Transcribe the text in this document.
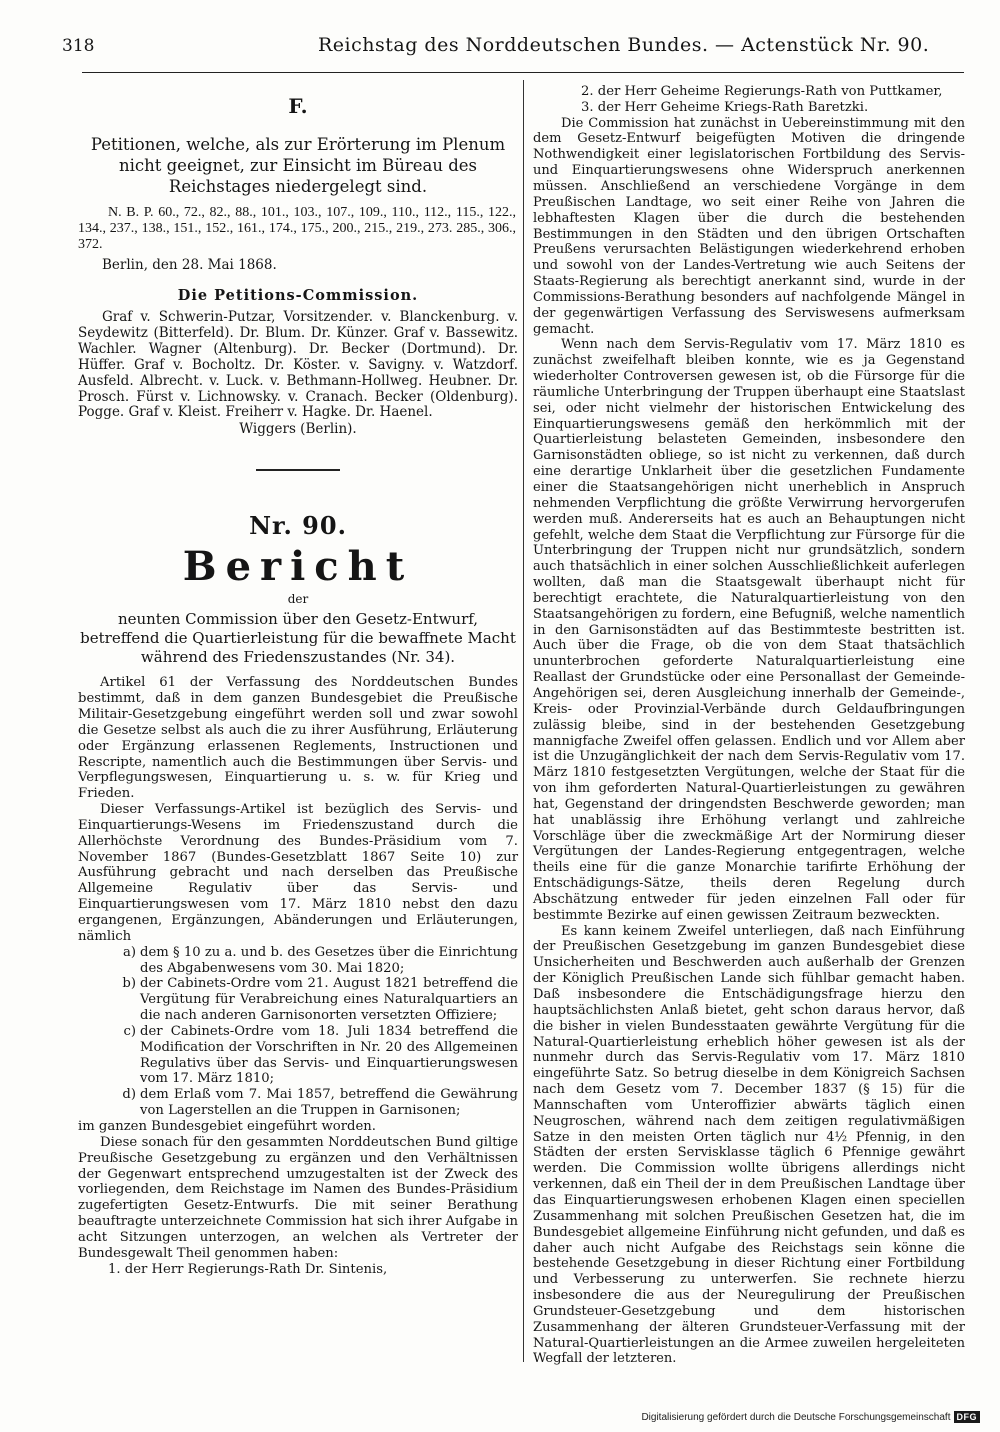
318	Reichstag des Norddeutschen Bundes. — Actenstück Nr. 90.
F.
Petitionen, welche, als zur Erörterung im Plenum nicht geeignet, zur Einsicht im Büreau des Reichstages niedergelegt sind.
N. B. P. 60., 72., 82., 88., 101., 103., 107., 109., 110., 112., 115., 122., 134., 237., 138., 151., 152., 161., 174., 175., 200., 215., 219., 273. 285., 306., 372.
Berlin, den 28. Mai 1868.
Die Petitions-Commission.
Graf v. Schwerin-Putzar, Vorsitzender. v. Blanckenburg. v. Seydewitz (Bitterfeld). Dr. Blum. Dr. Künzer. Graf v. Bassewitz. Wachler. Wagner (Altenburg). Dr. Becker (Dortmund). Dr. Hüffer. Graf v. Bocholtz. Dr. Köster. v. Savigny. v. Watzdorf. Ausfeld. Albrecht. v. Luck. v. Bethmann-Hollweg. Heubner. Dr. Prosch. Fürst v. Lichnowsky. v. Cranach. Becker (Oldenburg). Pogge. Graf v. Kleist. Freiherr v. Hagke. Dr. Haenel.
Wiggers (Berlin).
Nr. 90.
Bericht
der
neunten Commission über den Gesetz-Entwurf, betreffend die Quartierleistung für die bewaffnete Macht während des Friedenszustandes (Nr. 34).

Artikel 61 der Verfassung des Norddeutschen Bundes bestimmt, daß in dem ganzen Bundesgebiet die Preußische Militair-Gesetzgebung eingeführt werden soll und zwar sowohl die Gesetze selbst als auch die zu ihrer Ausführung, Erläuterung oder Ergänzung erlassenen Reglements, Instructionen und Rescripte, namentlich auch die Bestimmungen über Servis- und Verpflegungswesen, Einquartierung u. s. w. für Krieg und Frieden.

Dieser Verfassungs-Artikel ist bezüglich des Servis- und Einquartierungs-Wesens im Friedenszustand durch die Allerhöchste Verordnung des Bundes-Präsidium vom 7. November 1867 (Bundes-Gesetzblatt 1867 Seite 10) zur Ausführung gebracht und nach derselben das Preußische Allgemeine Regulativ über das Servis- und Einquartierungswesen vom 17. März 1810 nebst den dazu ergangenen, Ergänzungen, Abänderungen und Erläuterungen, nämlich

a) dem § 10 zu a. und b. des Gesetzes über die Einrichtung des Abgabenwesens vom 30. Mai 1820;
b) der Cabinets-Ordre vom 21. August 1821 betreffend die Vergütung für Verabreichung eines Naturalquartiers an die nach anderen Garnisonorten versetzten Offiziere;
c) der Cabinets-Ordre vom 18. Juli 1834 betreffend die Modification der Vorschriften in Nr. 20 des Allgemeinen Regulativs über das Servis- und Einquartierungswesen vom 17. März 1810;
d) dem Erlaß vom 7. Mai 1857, betreffend die Gewährung von Lagerstellen an die Truppen in Garnisonen;
im ganzen Bundesgebiet eingeführt worden.

Diese sonach für den gesammten Norddeutschen Bund giltige Preußische Gesetzgebung zu ergänzen und den Verhältnissen der Gegenwart entsprechend umzugestalten ist der Zweck des vorliegenden, dem Reichstage im Namen des Bundes-Präsidium zugefertigten Gesetz-Entwurfs. Die mit seiner Berathung beauftragte unterzeichnete Commission hat sich ihrer Aufgabe in acht Sitzungen unterzogen, an welchen als Vertreter der Bundesgewalt Theil genommen haben:

1. der Herr Regierungs-Rath Dr. Sintenis,
2. der Herr Geheime Regierungs-Rath von Puttkamer,
3. der Herr Geheime Kriegs-Rath Baretzki.

Die Commission hat zunächst in Uebereinstimmung mit den dem Gesetz-Entwurf beigefügten Motiven die dringende Nothwendigkeit einer legislatorischen Fortbildung des Servis- und Einquartierungswesens ohne Widerspruch anerkennen müssen. Anschließend an verschiedene Vorgänge in dem Preußischen Landtage, wo seit einer Reihe von Jahren die lebhaftesten Klagen über die durch die bestehenden Bestimmungen in den Städten und den übrigen Ortschaften Preußens verursachten Belästigungen wiederkehrend erhoben und sowohl von der Landes-Vertretung wie auch Seitens der Staats-Regierung als berechtigt anerkannt sind, wurde in der Commissions-Berathung besonders auf nachfolgende Mängel in der gegenwärtigen Verfassung des Serviswesens aufmerksam gemacht.

Wenn nach dem Servis-Regulativ vom 17. März 1810 es zunächst zweifelhaft bleiben konnte, wie es ja Gegenstand wiederholter Controversen gewesen ist, ob die Fürsorge für die räumliche Unterbringung der Truppen überhaupt eine Staatslast sei, oder nicht vielmehr der historischen Entwickelung des Einquartierungswesens gemäß den herkömmlich mit der Quartierleistung belasteten Gemeinden, insbesondere den Garnisonstädten obliege, so ist nicht zu verkennen, daß durch eine derartige Unklarheit über die gesetzlichen Fundamente einer die Staatsangehörigen nicht unerheblich in Anspruch nehmenden Verpflichtung die größte Verwirrung hervorgerufen werden muß. Andererseits hat es auch an Behauptungen nicht gefehlt, welche dem Staat die Verpflichtung zur Fürsorge für die Unterbringung der Truppen nicht nur grundsätzlich, sondern auch thatsächlich in einer solchen Ausschließlichkeit auferlegen wollten, daß man die Staatsgewalt überhaupt nicht für berechtigt erachtete, die Naturalquartierleistung von den Staatsangehörigen zu fordern, eine Befugniß, welche namentlich in den Garnisonstädten auf das Bestimmteste bestritten ist. Auch über die Frage, ob die von dem Staat thatsächlich ununterbrochen geforderte Naturalquartierleistung eine Reallast der Grundstücke oder eine Personallast der Gemeinde-Angehörigen sei, deren Ausgleichung innerhalb der Gemeinde-, Kreis- oder Provinzial-Verbände durch Geldaufbringungen zulässig bleibe, sind in der bestehenden Gesetzgebung mannigfache Zweifel offen gelassen. Endlich und vor Allem aber ist die Unzugänglichkeit der nach dem Servis-Regulativ vom 17. März 1810 festgesetzten Vergütungen, welche der Staat für die von ihm geforderten Natural-Quartierleistungen zu gewähren hat, Gegenstand der dringendsten Beschwerde geworden; man hat unablässig ihre Erhöhung verlangt und zahlreiche Vorschläge über die zweckmäßige Art der Normirung dieser Vergütungen der Landes-Regierung entgegentragen, welche theils eine für die ganze Monarchie tarifirte Erhöhung der Entschädigungs-Sätze, theils deren Regelung durch Abschätzung entweder für jeden einzelnen Fall oder für bestimmte Bezirke auf einen gewissen Zeitraum bezweckten.

Es kann keinem Zweifel unterliegen, daß nach Einführung der Preußischen Gesetzgebung im ganzen Bundesgebiet diese Unsicherheiten und Beschwerden auch außerhalb der Grenzen der Königlich Preußischen Lande sich fühlbar gemacht haben. Daß insbesondere die Entschädigungsfrage hierzu den hauptsächlichsten Anlaß bietet, geht schon daraus hervor, daß die bisher in vielen Bundesstaaten gewährte Vergütung für die Natural-Quartierleistung erheblich höher gewesen ist als der nunmehr durch das Servis-Regulativ vom 17. März 1810 eingeführte Satz. So betrug dieselbe in dem Königreich Sachsen nach dem Gesetz vom 7. December 1837 (§ 15) für die Mannschaften vom Unteroffizier abwärts täglich einen Neugroschen, während nach dem zeitigen regulativmäßigen Satze in den meisten Orten täglich nur 4½ Pfennig, in den Städten der ersten Servisklasse täglich 6 Pfennige gewährt werden. Die Commission wollte übrigens allerdings nicht verkennen, daß ein Theil der in dem Preußischen Landtage über das Einquartierungswesen erhobenen Klagen einen speciellen Zusammenhang mit solchen Preußischen Gesetzen hat, die im Bundesgebiet allgemeine Einführung nicht gefunden, und daß es daher auch nicht Aufgabe des Reichstags sein könne die bestehende Gesetzgebung in dieser Richtung einer Fortbildung und Verbesserung zu unterwerfen. Sie rechnete hierzu insbesondere die aus der Neuregulirung der Preußischen Grundsteuer-Gesetzgebung und dem historischen Zusammenhang der älteren Grundsteuer-Verfassung mit der Natural-Quartierleistungen an die Armee zuweilen hergeleiteten Wegfall der letzteren.

Digitalisierung gefördert durch die Deutsche Forschungsgemeinschaft DFG
